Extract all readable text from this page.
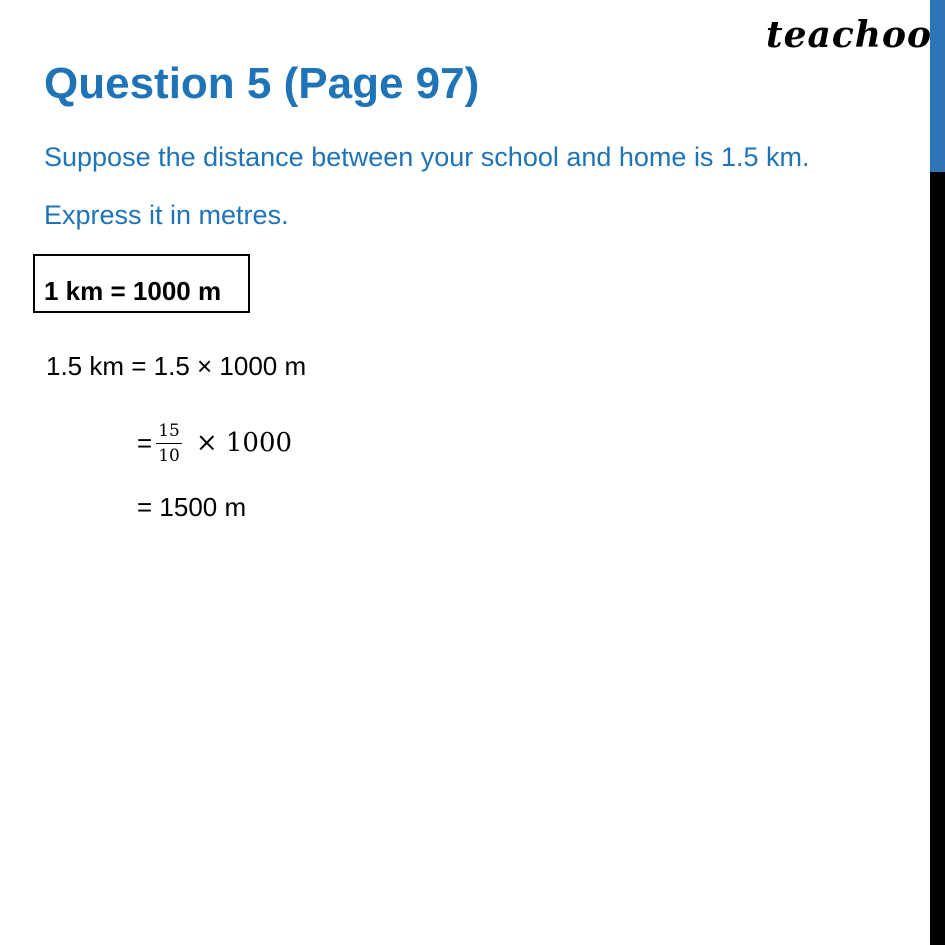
teachoo
Question 5 (Page 97)
Suppose the distance between your school and home is 1.5 km.
Express it in metres.
1 km = 1000 m
1.5 km = 1.5 × 1000 m
= $\frac{15}{10} \times 1000$
= 1500 m
